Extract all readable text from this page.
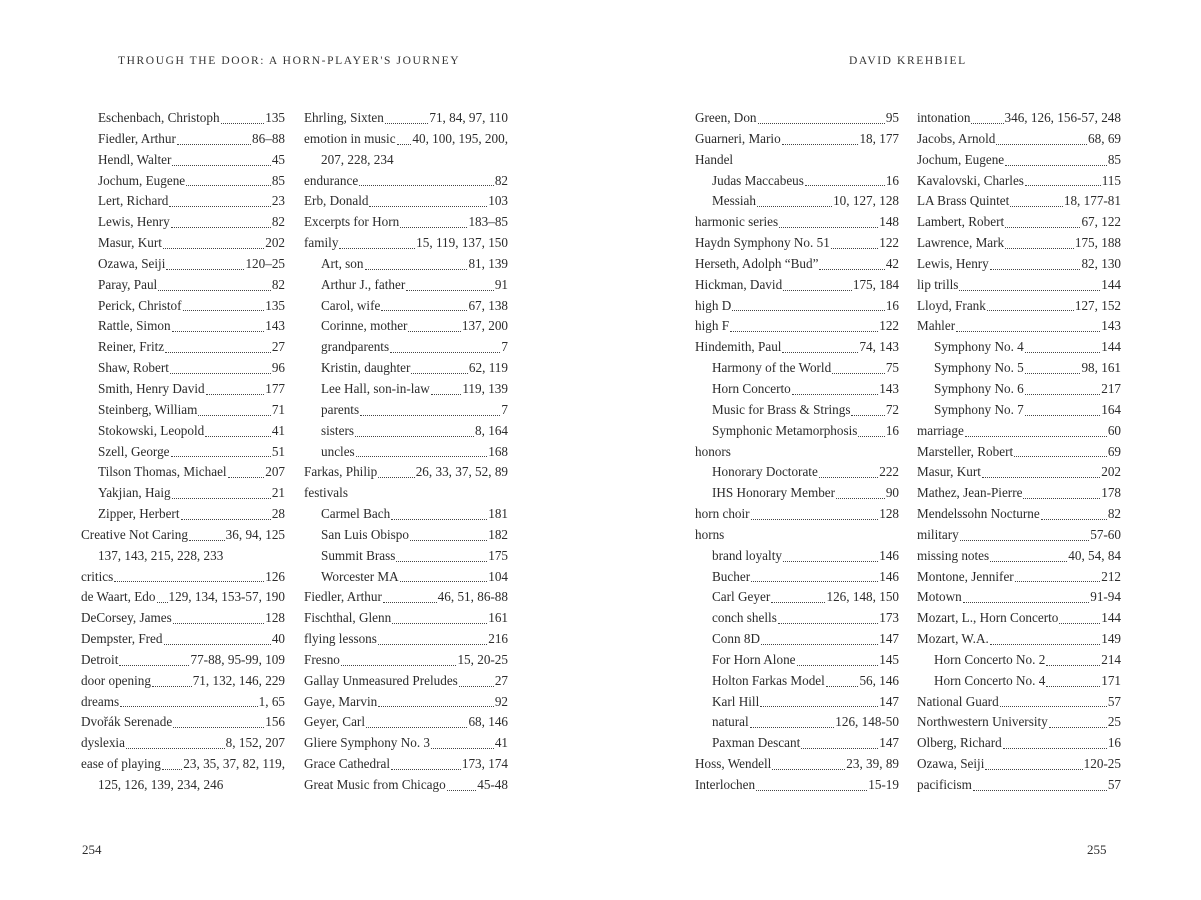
THROUGH THE DOOR: A HORN-PLAYER'S JOURNEY
Eschenbach, Christoph	135
Fiedler, Arthur	86–88
Hendl, Walter	45
Jochum, Eugene	85
Lert, Richard	23
Lewis, Henry	82
Masur, Kurt	202
Ozawa, Seiji	120–25
Paray, Paul	82
Perick, Christof	135
Rattle, Simon	143
Reiner, Fritz	27
Shaw, Robert	96
Smith, Henry David	177
Steinberg, William	71
Stokowski, Leopold	41
Szell, George	51
Tilson Thomas, Michael	207
Yakjian, Haig	21
Zipper, Herbert	28
Creative Not Caring	36, 94, 125
137, 143, 215, 228, 233
critics	126
de Waart, Edo 129, 134, 153-57, 190
DeCorsey, James	128
Dempster, Fred	40
Detroit	77-88, 95-99, 109
door opening	71, 132, 146, 229
dreams	1, 65
Dvořák Serenade	156
dyslexia	8, 152, 207
ease of playing 23, 35, 37, 82, 119,
125, 126, 139, 234, 246
Ehrling, Sixten	71, 84, 97, 110
emotion in music 40, 100, 195, 200,
207, 228, 234
endurance	82
Erb, Donald	103
Excerpts for Horn	183–85
family	15, 119, 137, 150
Art, son	81, 139
Arthur J., father	91
Carol, wife	67, 138
Corinne, mother	137, 200
grandparents	7
Kristin, daughter	62, 119
Lee Hall, son-in-law 119, 139
parents	7
sisters	8, 164
uncles	168
Farkas, Philip	26, 33, 37, 52, 89
festivals
Carmel Bach	181
San Luis Obispo	182
Summit Brass	175
Worcester MA	104
Fiedler, Arthur	46, 51, 86-88
Fischthal, Glenn	161
flying lessons	216
Fresno	15, 20-25
Gallay Unmeasured Preludes	27
Gaye, Marvin	92
Geyer, Carl	68, 146
Gliere Symphony No. 3	41
Grace Cathedral	173, 174
Great Music from Chicago 45-48
254
DAVID KREHBIEL
Green, Don	95
Guarneri, Mario	18, 177
Handel
Judas Maccabeus	16
Messiah	10, 127, 128
harmonic series	148
Haydn Symphony No. 51	122
Herseth, Adolph “Bud”	42
Hickman, David	175, 184
high D	16
high F	122
Hindemith, Paul	74, 143
Harmony of the World	75
Horn Concerto	143
Music for Brass & Strings	72
Symphonic Metamorphosis 16
honors
Honorary Doctorate	222
IHS Honorary Member	90
horn choir	128
horns
brand loyalty	146
Bucher	146
Carl Geyer	126, 148, 150
conch shells	173
Conn 8D	147
For Horn Alone	145
Holton Farkas Model	56, 146
Karl Hill	147
natural	126, 148-50
Paxman Descant	147
Hoss, Wendell	23, 39, 89
Interlochen	15-19
intonation	346, 126, 156-57, 248
Jacobs, Arnold	68, 69
Jochum, Eugene	85
Kavalovski, Charles	115
LA Brass Quintet	18, 177-81
Lambert, Robert	67, 122
Lawrence, Mark	175, 188
Lewis, Henry	82, 130
lip trills	144
Lloyd, Frank	127, 152
Mahler	143
Symphony No. 4	144
Symphony No. 5	98, 161
Symphony No. 6	217
Symphony No. 7	164
marriage	60
Marsteller, Robert	69
Masur, Kurt	202
Mathez, Jean-Pierre	178
Mendelssohn Nocturne	82
military	57-60
missing notes	40, 54, 84
Montone, Jennifer	212
Motown	91-94
Mozart, L., Horn Concerto	144
Mozart, W.A.	149
Horn Concerto No. 2	214
Horn Concerto No. 4	171
National Guard	57
Northwestern University	25
Olberg, Richard	16
Ozawa, Seiji	120-25
pacificism	57
255
